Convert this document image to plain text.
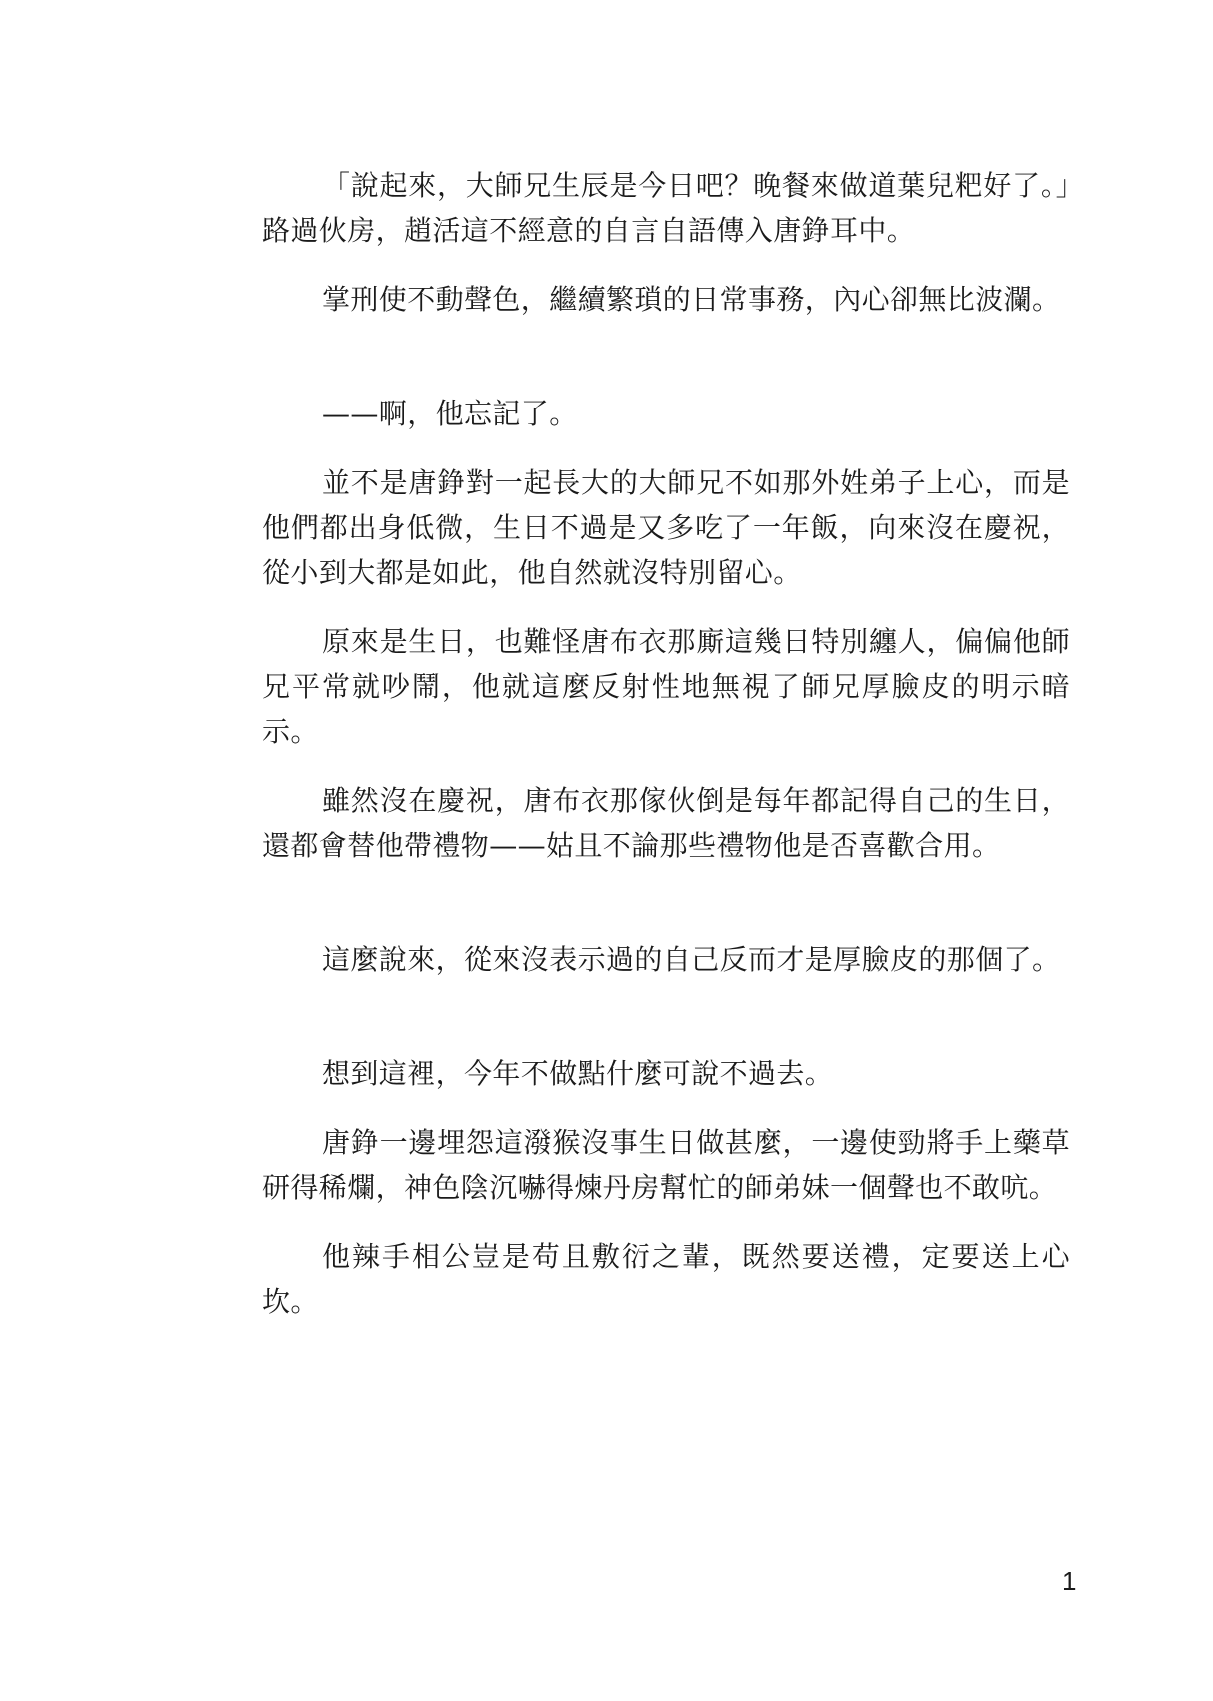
「說起來，大師兄生辰是今日吧？晚餐來做道葉兒粑好了。」路過伙房，趙活這不經意的自言自語傳入唐錚耳中。

掌刑使不動聲色，繼續繁瑣的日常事務，內心卻無比波瀾。

——啊，他忘記了。

並不是唐錚對一起長大的大師兄不如那外姓弟子上心，而是他們都出身低微，生日不過是又多吃了一年飯，向來沒在慶祝，從小到大都是如此，他自然就沒特別留心。

原來是生日，也難怪唐布衣那廝這幾日特別纏人，偏偏他師兄平常就吵鬧，他就這麼反射性地無視了師兄厚臉皮的明示暗示。

雖然沒在慶祝，唐布衣那傢伙倒是每年都記得自己的生日，還都會替他帶禮物——姑且不論那些禮物他是否喜歡合用。

這麼說來，從來沒表示過的自己反而才是厚臉皮的那個了。

想到這裡，今年不做點什麼可說不過去。

唐錚一邊埋怨這潑猴沒事生日做甚麼，一邊使勁將手上藥草研得稀爛，神色陰沉嚇得煉丹房幫忙的師弟妹一個聲也不敢吭。

他辣手相公豈是苟且敷衍之輩，既然要送禮，定要送上心坎。

1
